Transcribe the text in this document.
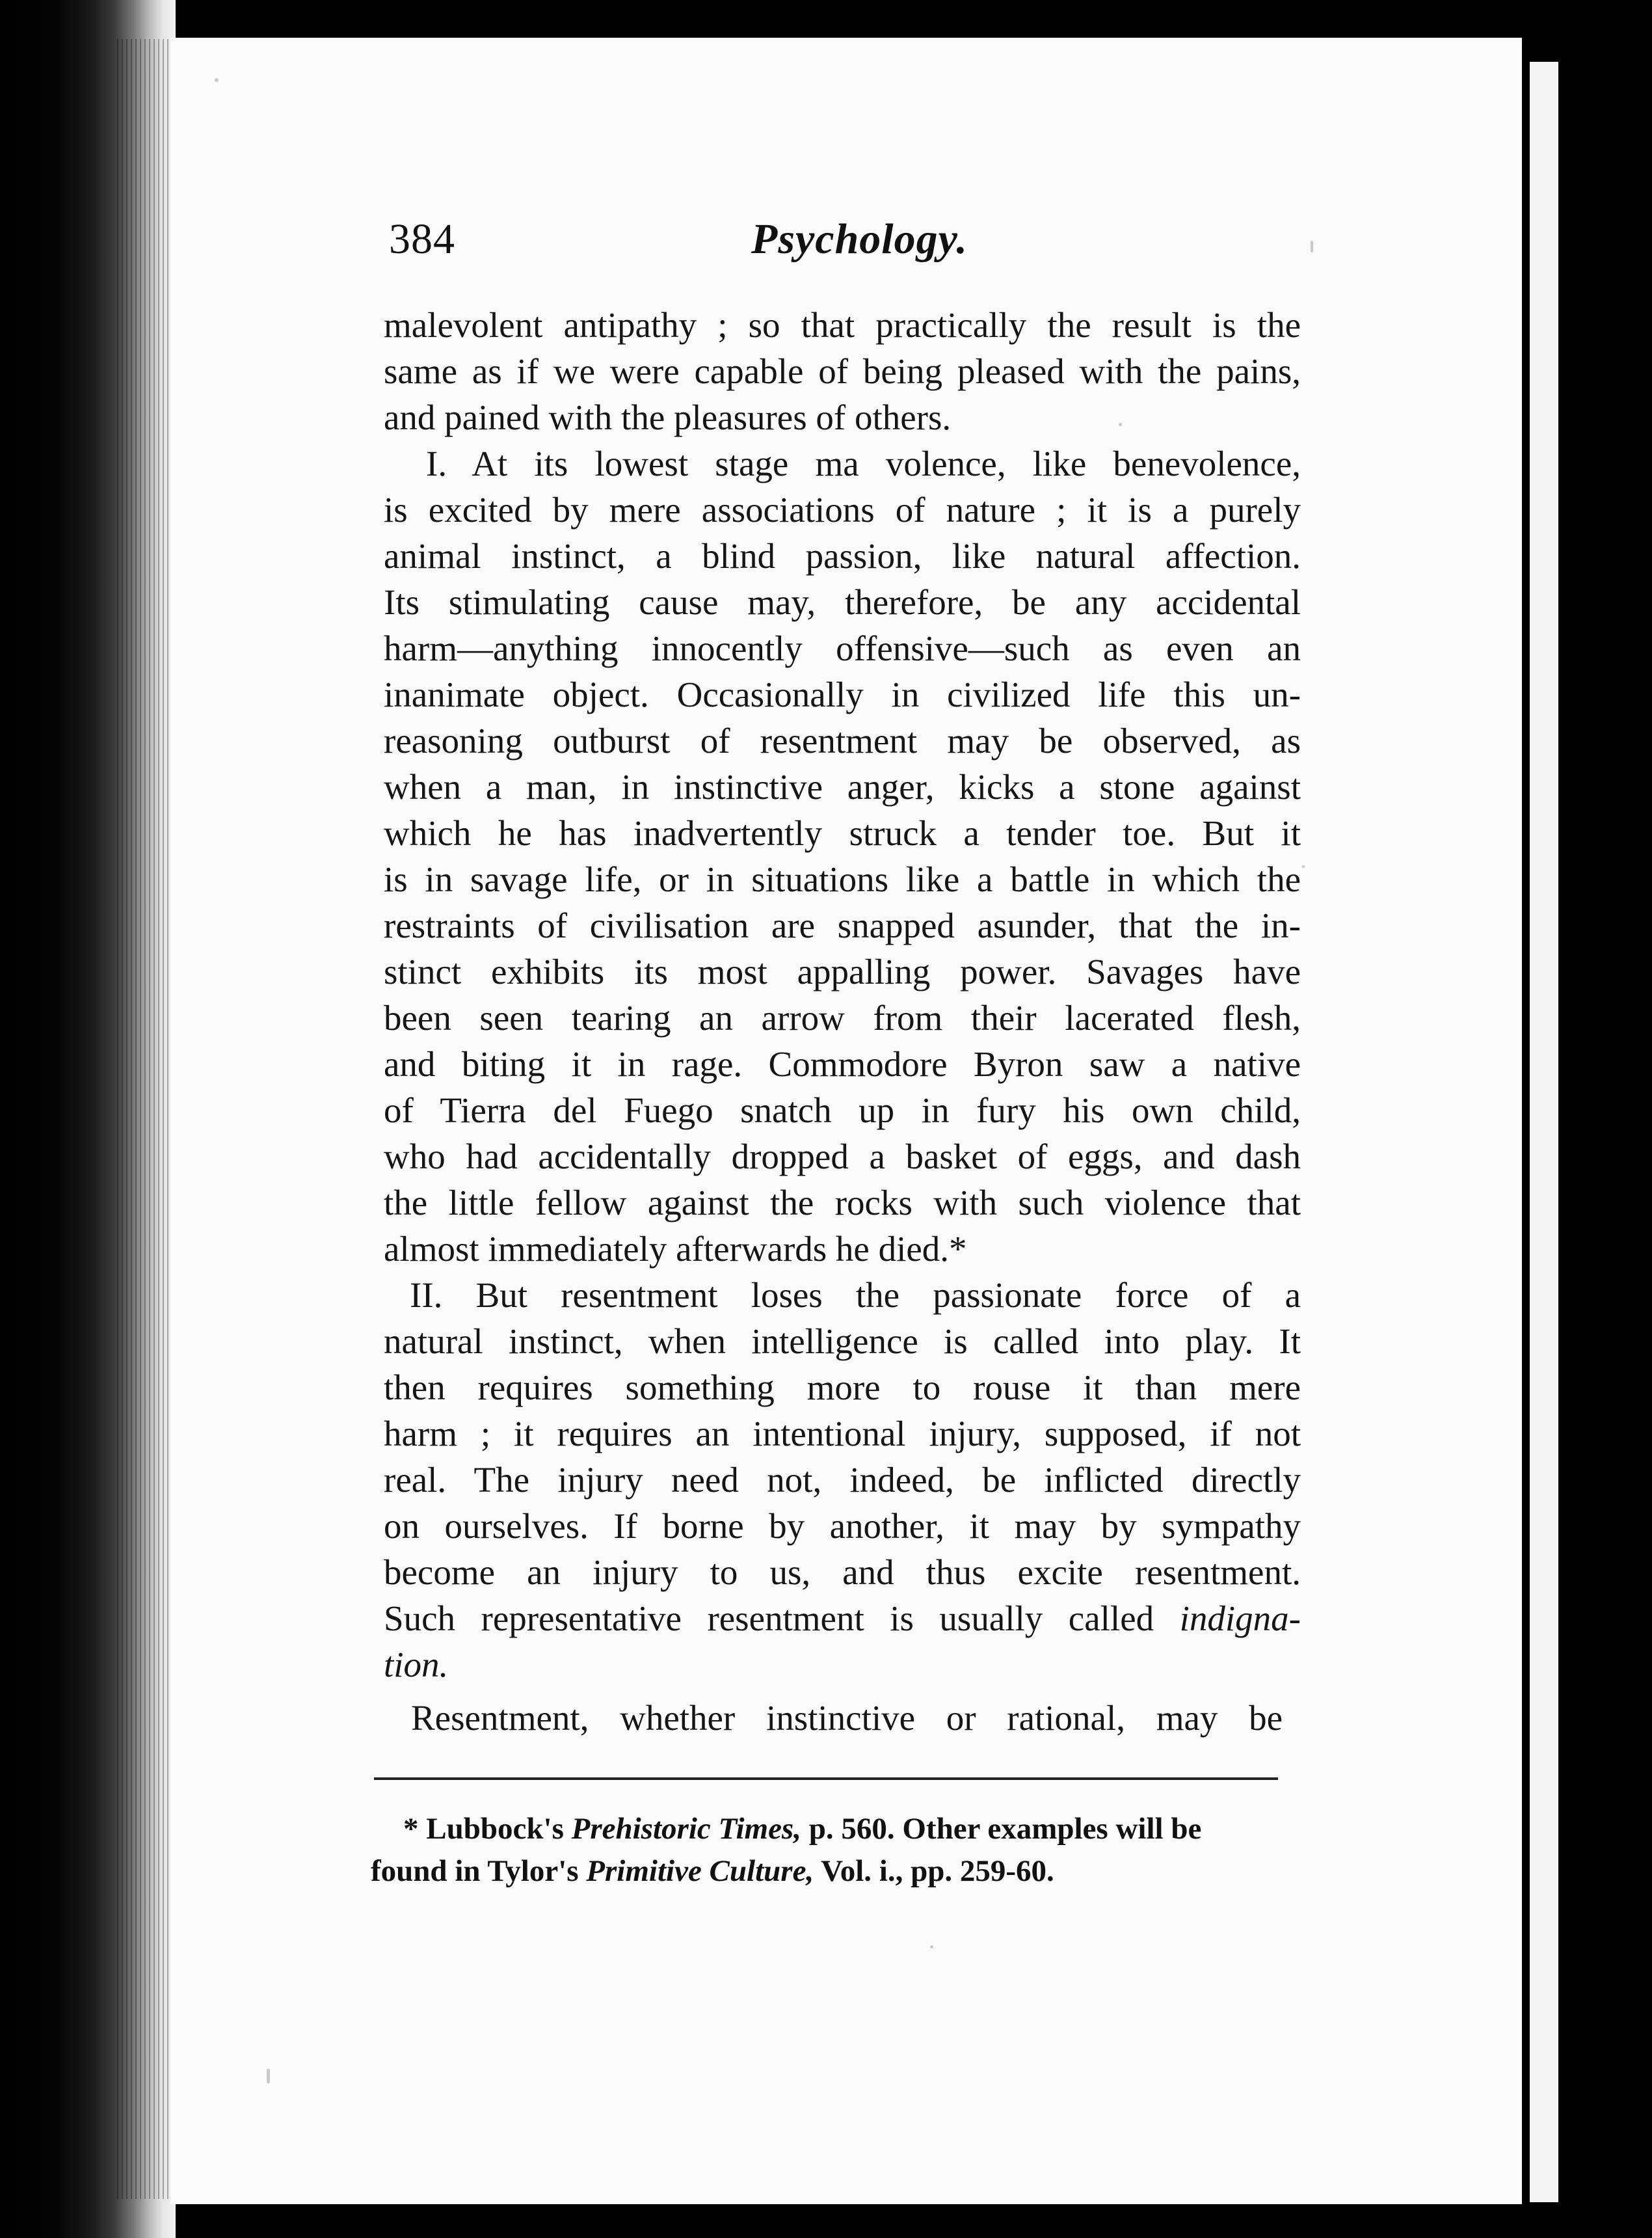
384	Psychology.
malevolent antipathy ; so that practically the result is the
same as if we were capable of being pleased with the pains,
and pained with the pleasures of others.
I. At its lowest stage ma volence, like benevolence,
is excited by mere associations of nature ; it is a purely
animal instinct, a blind passion, like natural affection.
Its stimulating cause may, therefore, be any accidental
harm—anything innocently offensive—such as even an
inanimate object. Occasionally in civilized life this un-
reasoning outburst of resentment may be observed, as
when a man, in instinctive anger, kicks a stone against
which he has inadvertently struck a tender toe. But it
is in savage life, or in situations like a battle in which the
restraints of civilisation are snapped asunder, that the in-
stinct exhibits its most appalling power. Savages have
been seen tearing an arrow from their lacerated flesh,
and biting it in rage. Commodore Byron saw a native
of Tierra del Fuego snatch up in fury his own child,
who had accidentally dropped a basket of eggs, and dash
the little fellow against the rocks with such violence that
almost immediately afterwards he died.*
II. But resentment loses the passionate force of a
natural instinct, when intelligence is called into play. It
then requires something more to rouse it than mere
harm ; it requires an intentional injury, supposed, if not
real. The injury need not, indeed, be inflicted directly
on ourselves. If borne by another, it may by sympathy
become an injury to us, and thus excite resentment.
Such representative resentment is usually called indigna-
tion.
Resentment, whether instinctive or rational, may be
* Lubbock's Prehistoric Times, p. 560. Other examples will be
found in Tylor's Primitive Culture, Vol. i., pp. 259-60.
